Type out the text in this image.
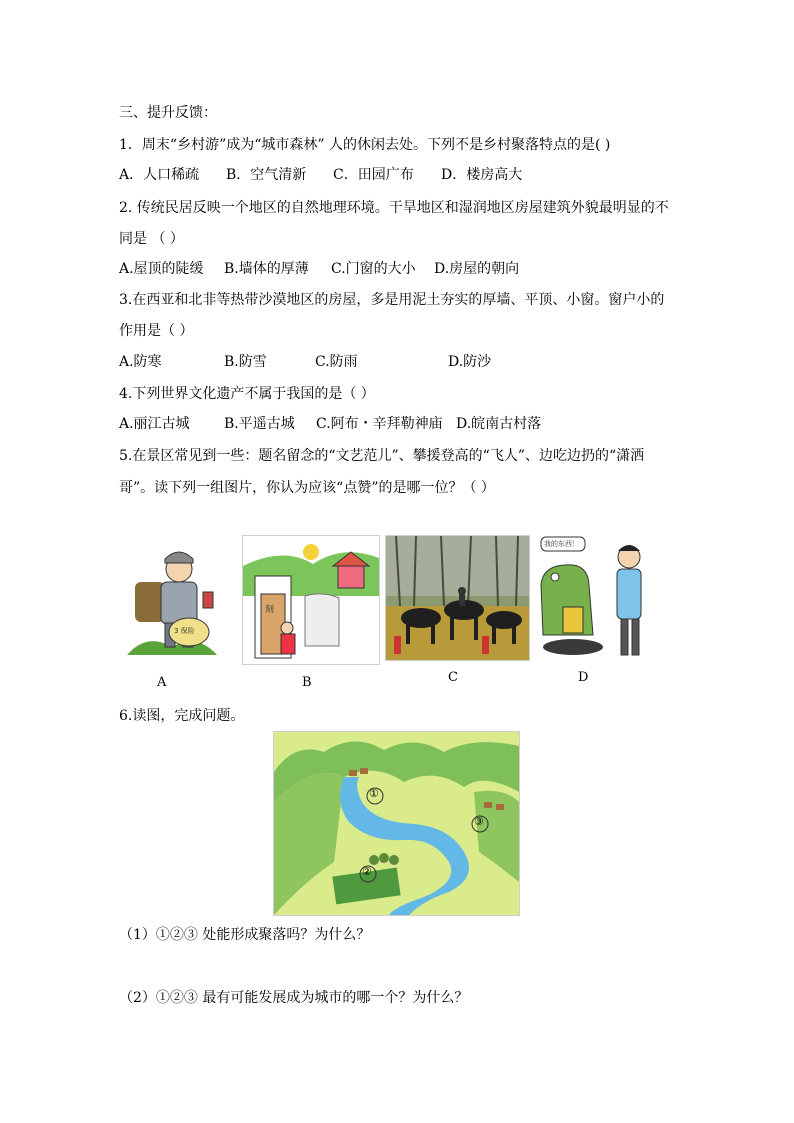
三、提升反馈：
1．周末“乡村游”成为“城市森林” 人的休闲去处。下列不是乡村聚落特点的是( )
A．人口稀疏 B．空气清新 C．田园广布 D．楼房高大
2. 传统民居反映一个地区的自然地理环境。干旱地区和湿润地区房屋建筑外貌最明显的不
同是 （ ）
A.屋顶的陡缓 B.墙体的厚薄 C.门窗的大小 D.房屋的朝向
3.在西亚和北非等热带沙漠地区的房屋，多是用泥土夯实的厚墙、平顶、小窗。窗户小的
作用是（ ）
A.防寒	B.防雪	C.防雨	D.防沙
4.下列世界文化遗产不属于我国的是（ ）
A.丽江古城 B.平遥古城 C.阿布・辛拜勒神庙 D.皖南古村落
5.在景区常见到一些：题名留念的“文艺范儿”、攀援登高的“飞人”、边吃边扔的“潇洒
哥”。读下列一组图片，你认为应该“点赞”的是哪一位？（ ）
3 保险
A
刻
B	C
我的东西！
D
6.读图，完成问题。
①
②
③
（1）①②③ 处能形成聚落吗？为什么？
（2）①②③ 最有可能发展成为城市的哪一个？为什么？
